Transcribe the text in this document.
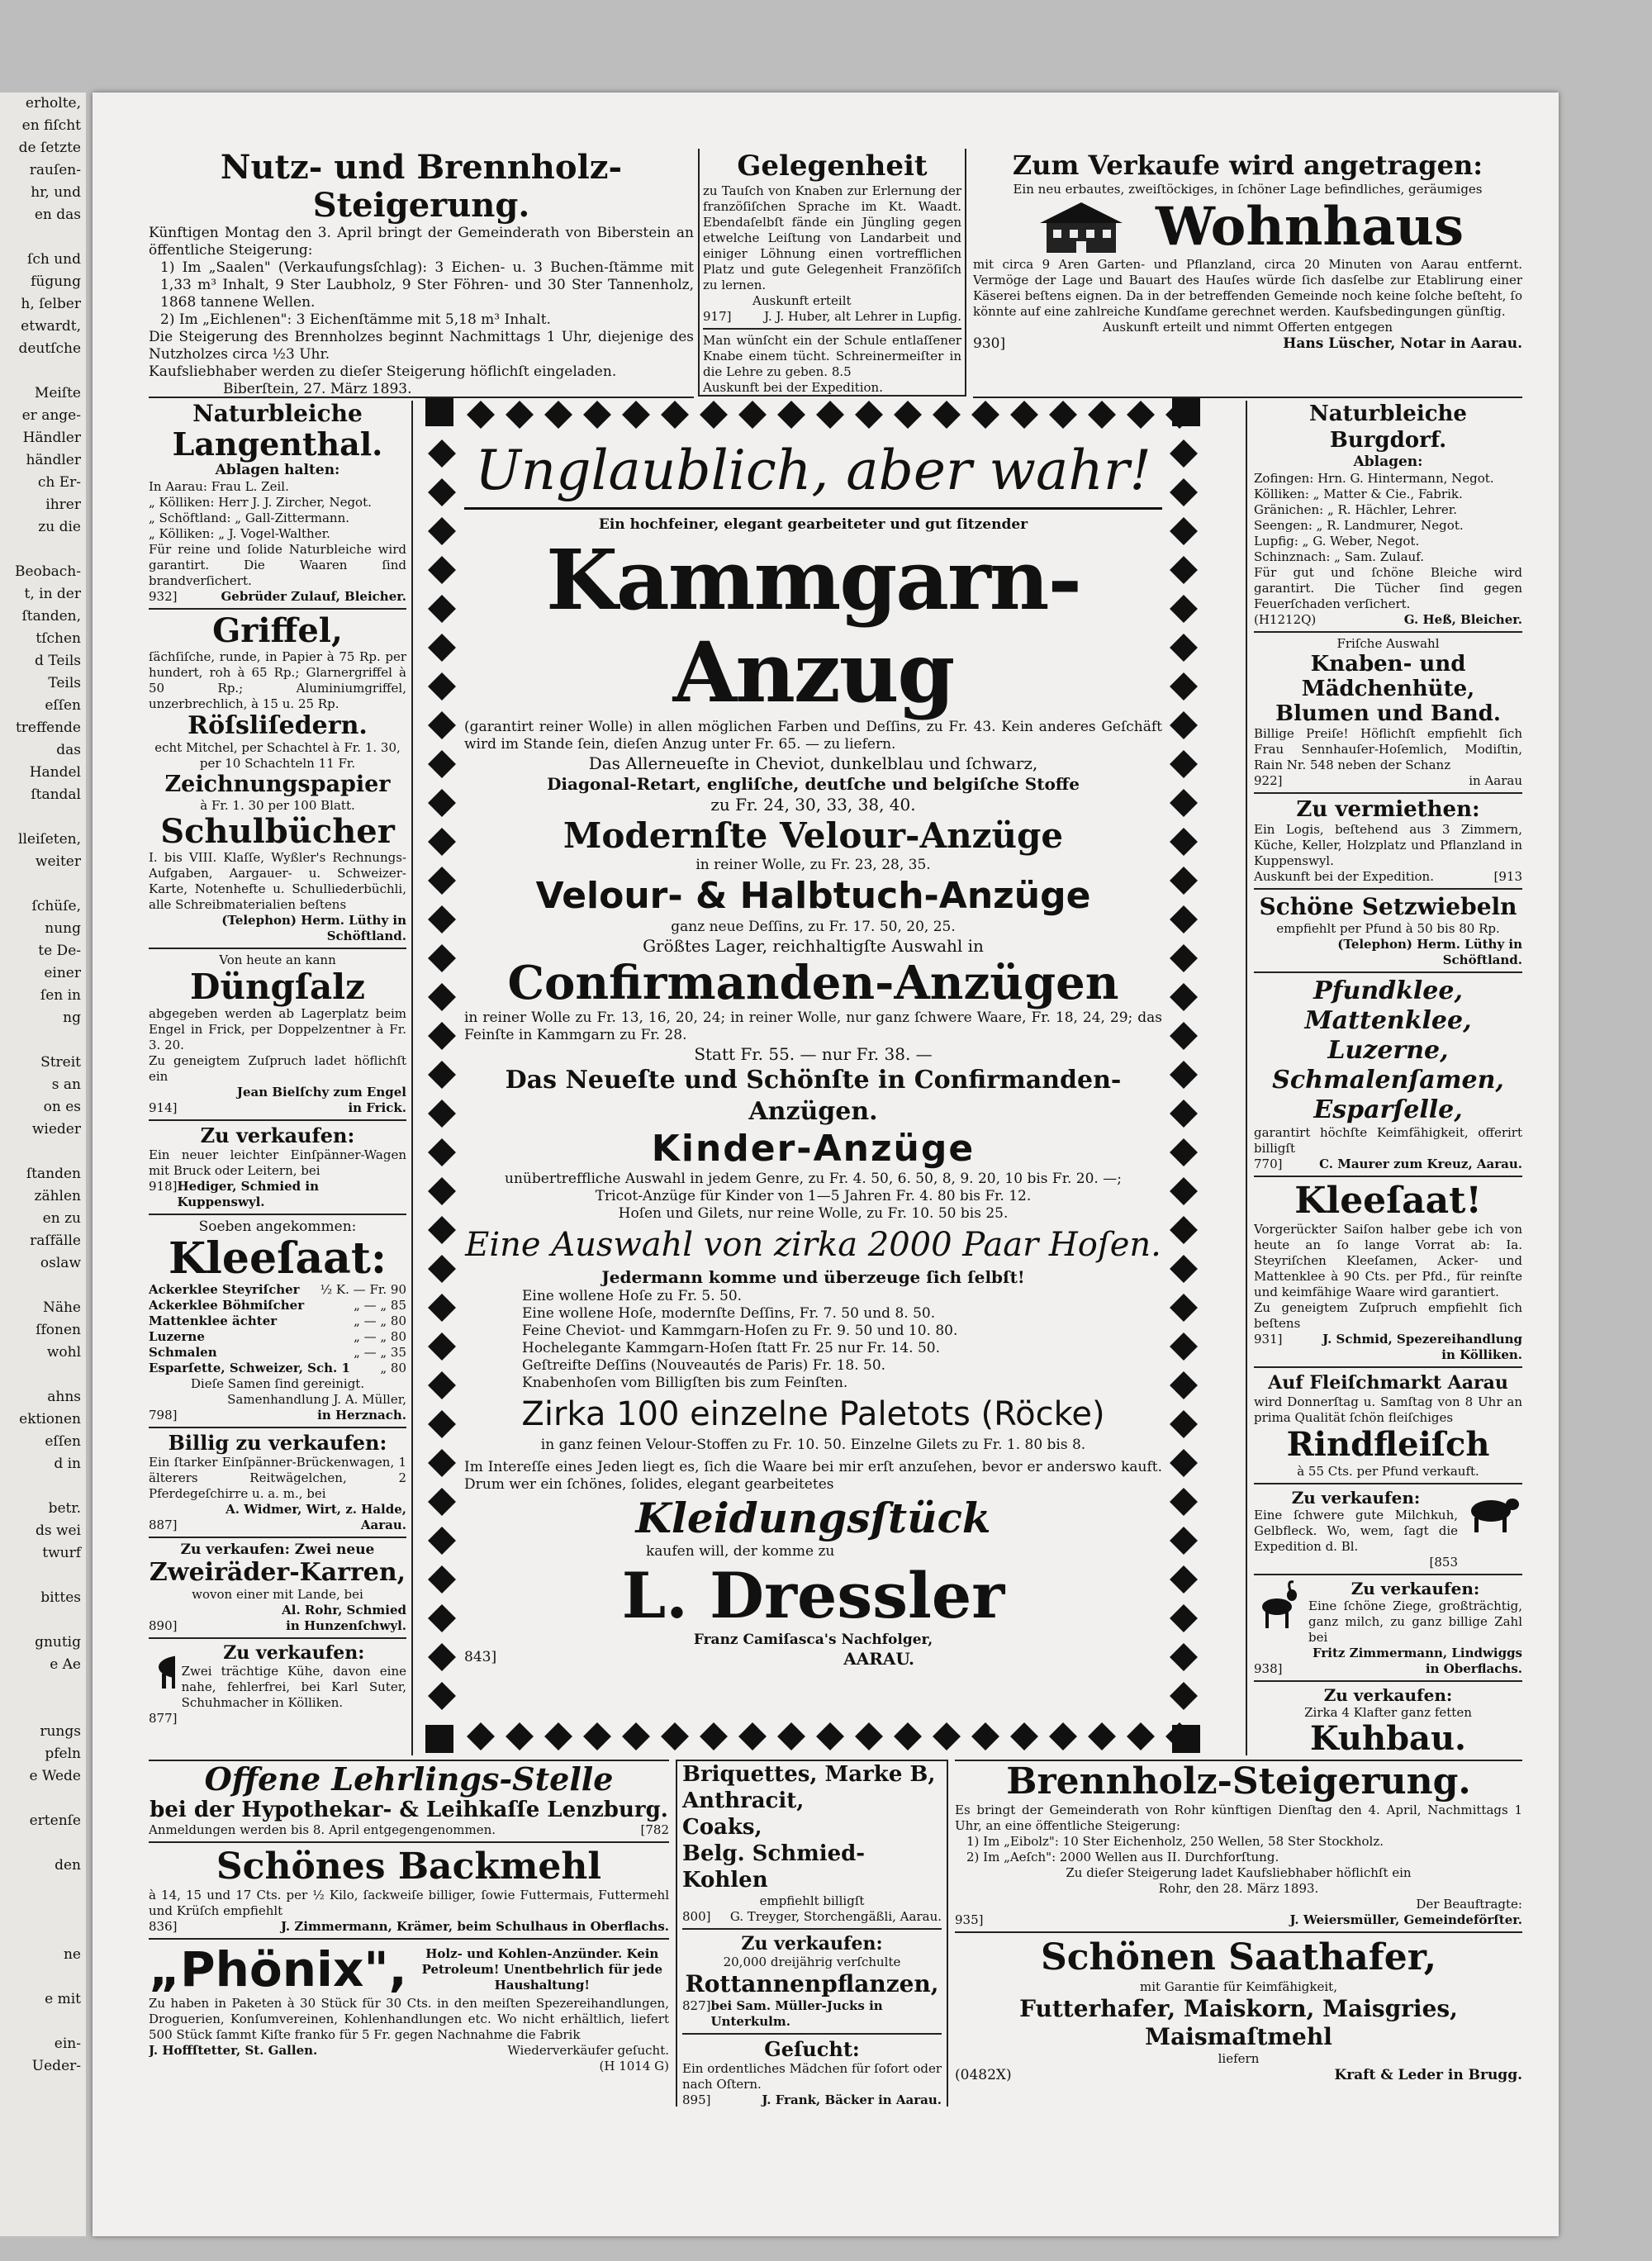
erholte,
en fiſcht
de ſetzte
rauſen-
hr, und
en das

ſch und
fügung
h, ſelber
etwardt,
deutſche

Meiſte
er ange-
Händler
händler
ch Er-
ihrer
zu die

Beobach-
t, in der
ſtanden,
tſchen
d Teils
Teils
eſſen
treffende
das
Handel
ſtandal

lleiſeten,
weiter

ſchüſe,
nung
te De-
einer
ſen in
ng

Streit
s an
on es
wieder

ſtanden
zählen
en zu
raſfälle
oslaw

Nähe
ſfonen
wohl

ahns
ektionen
eſſen
d in

betr.
ds wei
twurf

bittes

gnutig
e Ae

rungs
pfeln
e Wede

ertenſe

den

ne

e mit

ein-
Ueder-

Nutz- und Brennholz-Steigerung.
Künftigen Montag den 3. April bringt der Gemeinderath von Biberstein an öffentliche Steigerung:
1) Im „Saalen" (Verkaufungsſchlag): 3 Eichen- u. 3 Buchen-ſtämme mit 1,33 m³ Inhalt, 9 Ster Laubholz, 9 Ster Föhren- und 30 Ster Tannenholz, 1868 tannene Wellen.
2) Im „Eichlenen": 3 Eichenſtämme mit 5,18 m³ Inhalt.
Die Steigerung des Brennholzes beginnt Nachmittags 1 Uhr, diejenige des Nutzholzes circa ½3 Uhr.
Kaufsliebhaber werden zu dieſer Steigerung höflichſt eingeladen.
Biberſtein, 27. März 1893.
Gelegenheit
zu Tauſch von Knaben zur Erlernung der franzöſiſchen Sprache im Kt. Waadt. Ebendaſelbſt fände ein Jüngling gegen etwelche Leiſtung von Landarbeit und einiger Löhnung einen vortrefflichen Platz und gute Gelegenheit Franzöſiſch zu lernen.
Auskunft erteilt
917]	J. J. Huber, alt Lehrer in Lupfig.
Man wünſcht ein der Schule entlaſſener Knabe einem tücht. Schreinermeiſter in die Lehre zu geben. 8.5
Auskunft bei der Expedition.
Zum Verkaufe wird angetragen:
Ein neu erbautes, zweiſtöckiges, in ſchöner Lage befindliches, geräumiges
Wohnhaus
mit circa 9 Aren Garten- und Pflanzland, circa 20 Minuten von Aarau entfernt. Vermöge der Lage und Bauart des Hauſes würde ſich dasſelbe zur Etablirung einer Käserei beſtens eignen. Da in der betreffenden Gemeinde noch keine ſolche beſteht, ſo könnte auf eine zahlreiche Kundſame gerechnet werden. Kaufsbedingungen günſtig.
Auskunft erteilt und nimmt Offerten entgegen
930]	Hans Lüscher, Notar in Aarau.
Naturbleiche
Langenthal.
Ablagen halten:
In Aarau: Frau L. Zeil.
„ Kölliken: Herr J. J. Zircher, Negot.
„ Schöftland: „ Gall-Zittermann.
„ Kölliken: „ J. Vogel-Walther.
Für reine und ſolide Naturbleiche wird garantirt. Die Waaren ſind brandverſichert.
932]	Gebrüder Zulauf, Bleicher.
Griffel,
ſächſiſche, runde, in Papier à 75 Rp. per hundert, roh à 65 Rp.; Glarnergriffel à 50 Rp.; Aluminiumgriffel, unzerbrechlich, à 15 u. 25 Rp.
Röſsliſedern.
echt Mitchel, per Schachtel à Fr. 1. 30, per 10 Schachteln 11 Fr.
Zeichnungspapier
à Fr. 1. 30 per 100 Blatt.
Schulbücher
I. bis VIII. Klaſſe, Wyßler's Rechnungs-Aufgaben, Aargauer- u. Schweizer-Karte, Notenhefte u. Schulliederbüchli, alle Schreibmaterialien beſtens
(Telephon) Herm. Lüthy in Schöftland.
Von heute an kann
Düngſalz
abgegeben werden ab Lagerplatz beim Engel in Frick, per Doppelzentner à Fr. 3. 20.
Zu geneigtem Zuſpruch ladet höflichſt ein
Jean Bielſchy zum Engel
914]	in Frick.
Zu verkaufen:
Ein neuer leichter Einſpänner-Wagen mit Bruck oder Leitern, bei
918] Hediger, Schmied in Kuppenswyl.
Soeben angekommen:
Kleeſaat:
Ackerklee Steyriſcher ½ K. — Fr. 90
Ackerklee Böhmiſcher	„ — „ 85
Mattenklee ächter	„ — „ 80
Luzerne	„ — „ 80
Schmalen	„ — „ 35
Esparſette, Schweizer, Sch. 1 „ 80
Dieſe Samen ſind gereinigt.
Samenhandlung J. A. Müller,
798]	in Herznach.
Billig zu verkaufen:
Ein ſtarker Einſpänner-Brückenwagen, 1 älterers Reitwägelchen, 2 Pferdegeſchirre u. a. m., bei
A. Widmer, Wirt, z. Halde,
887]	Aarau.
Zu verkaufen: Zwei neue
Zweiräder-Karren,
wovon einer mit Lande, bei
Al. Rohr, Schmied
890]	in Hunzenſchwyl.
Zu verkaufen:
Zwei trächtige Kühe, davon eine nahe, fehlerfrei, bei Karl Suter, Schuhmacher in Kölliken.
877]
Unglaublich, aber wahr!
Ein hochfeiner, elegant gearbeiteter und gut ſitzender
Kammgarn-Anzug
(garantirt reiner Wolle) in allen möglichen Farben und Deſſins, zu Fr. 43. Kein anderes Geſchäft wird im Stande ſein, dieſen Anzug unter Fr. 65. — zu liefern.
Das Allerneueſte in Cheviot, dunkelblau und ſchwarz,
Diagonal-Retart, engliſche, deutſche und belgiſche Stoffe
zu Fr. 24, 30, 33, 38, 40.
Modernſte Velour-Anzüge
in reiner Wolle, zu Fr. 23, 28, 35.
Velour- & Halbtuch-Anzüge
ganz neue Deſſins, zu Fr. 17. 50, 20, 25.
Größtes Lager, reichhaltigſte Auswahl in
Confirmanden-Anzügen
in reiner Wolle zu Fr. 13, 16, 20, 24; in reiner Wolle, nur ganz ſchwere Waare, Fr. 18, 24, 29; das Feinſte in Kammgarn zu Fr. 28.
Statt Fr. 55. — nur Fr. 38. —
Das Neueſte und Schönſte in Confirmanden-Anzügen.
Kinder-Anzüge
unübertreffliche Auswahl in jedem Genre, zu Fr. 4. 50, 6. 50, 8, 9. 20, 10 bis Fr. 20. —;
Tricot-Anzüge für Kinder von 1—5 Jahren Fr. 4. 80 bis Fr. 12.
Hoſen und Gilets, nur reine Wolle, zu Fr. 10. 50 bis 25.
Eine Auswahl von zirka 2000 Paar Hoſen.
Jedermann komme und überzeuge ſich ſelbſt!
Eine wollene Hoſe zu Fr. 5. 50.
Eine wollene Hoſe, modernſte Deſſins, Fr. 7. 50 und 8. 50.
Feine Cheviot- und Kammgarn-Hoſen zu Fr. 9. 50 und 10. 80.
Hochelegante Kammgarn-Hoſen ſtatt Fr. 25 nur Fr. 14. 50.
Geſtreifte Deſſins (Nouveautés de Paris) Fr. 18. 50.
Knabenhoſen vom Billigſten bis zum Feinſten.
Zirka 100 einzelne Paletots (Röcke)
in ganz feinen Velour-Stoffen zu Fr. 10. 50. Einzelne Gilets zu Fr. 1. 80 bis 8.
Im Intereſſe eines Jeden liegt es, ſich die Waare bei mir erſt anzuſehen, bevor er anderswo kauft. Drum wer ein ſchönes, ſolides, elegant gearbeitetes
Kleidungsſtück
kaufen will, der komme zu
L. Dressler
Franz Camiſasca's Nachfolger,
843]	AARAU.
Naturbleiche Burgdorf.
Ablagen:
Zofingen: Hrn. G. Hintermann, Negot.
Kölliken: „ Matter & Cie., Fabrik.
Gränichen: „ R. Hächler, Lehrer.
Seengen: „ R. Landmurer, Negot.
Lupfig: „ G. Weber, Negot.
Schinznach: „ Sam. Zulauf.
Für gut und ſchöne Bleiche wird garantirt. Die Tücher ſind gegen Feuerſchaden verſichert.
(H1212Q)	G. Heß, Bleicher.
Friſche Auswahl
Knaben- und Mädchenhüte, Blumen und Band.
Billige Preiſe! Höflichſt empfiehlt ſich Frau Sennhauſer-Hoſemlich, Modiſtin, Rain Nr. 548 neben der Schanz
922]	in Aarau
Zu vermiethen:
Ein Logis, beſtehend aus 3 Zimmern, Küche, Keller, Holzplatz und Pflanzland in Kuppenswyl.
Auskunft bei der Expedition.	[913
Schöne Setzwiebeln
empfiehlt per Pfund à 50 bis 80 Rp.
(Telephon) Herm. Lüthy in Schöftland.
Pfundklee,
Mattenklee,
Luzerne,
Schmalenſamen,
Esparſelle,
garantirt höchſte Keimfähigkeit, offerirt billigſt
770]	C. Maurer zum Kreuz, Aarau.
Kleeſaat!
Vorgerückter Saiſon halber gebe ich von heute an ſo lange Vorrat ab: Ia. Steyriſchen Kleeſamen, Acker- und Mattenklee à 90 Cts. per Pfd., für reinſte und keimfähige Waare wird garantiert.
Zu geneigtem Zuſpruch empfiehlt ſich beſtens
931]	J. Schmid, Spezereihandlung
in Kölliken.
Auf Fleiſchmarkt Aarau
wird Donnerſtag u. Samſtag von 8 Uhr an prima Qualität ſchön fleiſchiges
Rindfleiſch
à 55 Cts. per Pfund verkauft.
Zu verkaufen:
Eine ſchwere gute Milchkuh, Gelbfleck. Wo, wem, ſagt die Expedition d. Bl.
[853
Zu verkaufen:
Eine ſchöne Ziege, großträchtig, ganz milch, zu ganz billige Zahl bei
Fritz Zimmermann, Lindwiggs
938]	in Oberflachs.
Zu verkaufen:
Zirka 4 Klafter ganz fetten
Kuhbau.
Offene Lehrlings-Stelle
bei der Hypothekar- & Leihkaſſe Lenzburg.
Anmeldungen werden bis 8. April entgegengenommen.	[782
Schönes Backmehl
à 14, 15 und 17 Cts. per ½ Kilo, ſackweiſe billiger, ſowie Futtermais, Futtermehl und Krüſch empfiehlt
836]	J. Zimmermann, Krämer, beim Schulhaus in Oberflachs.
„Phönix",	Holz- und Kohlen-Anzünder. Kein Petroleum! Unentbehrlich für jede Haushaltung!
Zu haben in Paketen à 30 Stück für 30 Cts. in den meiſten Spezereihandlungen, Droguerien, Konſumvereinen, Kohlenhandlungen etc. Wo nicht erhältlich, liefert 500 Stück ſammt Kiſte franko für 5 Fr. gegen Nachnahme die Fabrik
J. Hoffſtetter, St. Gallen.	Wiederverkäufer geſucht.
(H 1014 G)
Briquettes, Marke B,
Anthracit,
Coaks,
Belg. Schmied-Kohlen
empfiehlt billigſt
800] G. Treyger, Storchengäßli, Aarau.
Zu verkaufen:
20,000 dreijährig verſchulte
Rottannenpflanzen,
827] bei Sam. Müller-Jucks in Unterkulm.
Geſucht:
Ein ordentliches Mädchen für ſofort oder nach Oſtern.
895]	J. Frank, Bäcker in Aarau.
Brennholz-Steigerung.
Es bringt der Gemeinderath von Rohr künftigen Dienſtag den 4. April, Nachmittags 1 Uhr, an eine öffentliche Steigerung:
1) Im „Eibolz": 10 Ster Eichenholz, 250 Wellen, 58 Ster Stockholz.
2) Im „Aeſch": 2000 Wellen aus II. Durchforſtung.
Zu dieſer Steigerung ladet Kaufsliebhaber höflichſt ein
Rohr, den 28. März 1893.
Der Beauftragte:
935]	J. Weiersmüller, Gemeindeförſter.
Schönen Saathafer,
mit Garantie für Keimfähigkeit,
Futterhafer, Maiskorn, Maisgries, Maismaſtmehl
liefern
(0482X)	Kraft & Leder in Brugg.
